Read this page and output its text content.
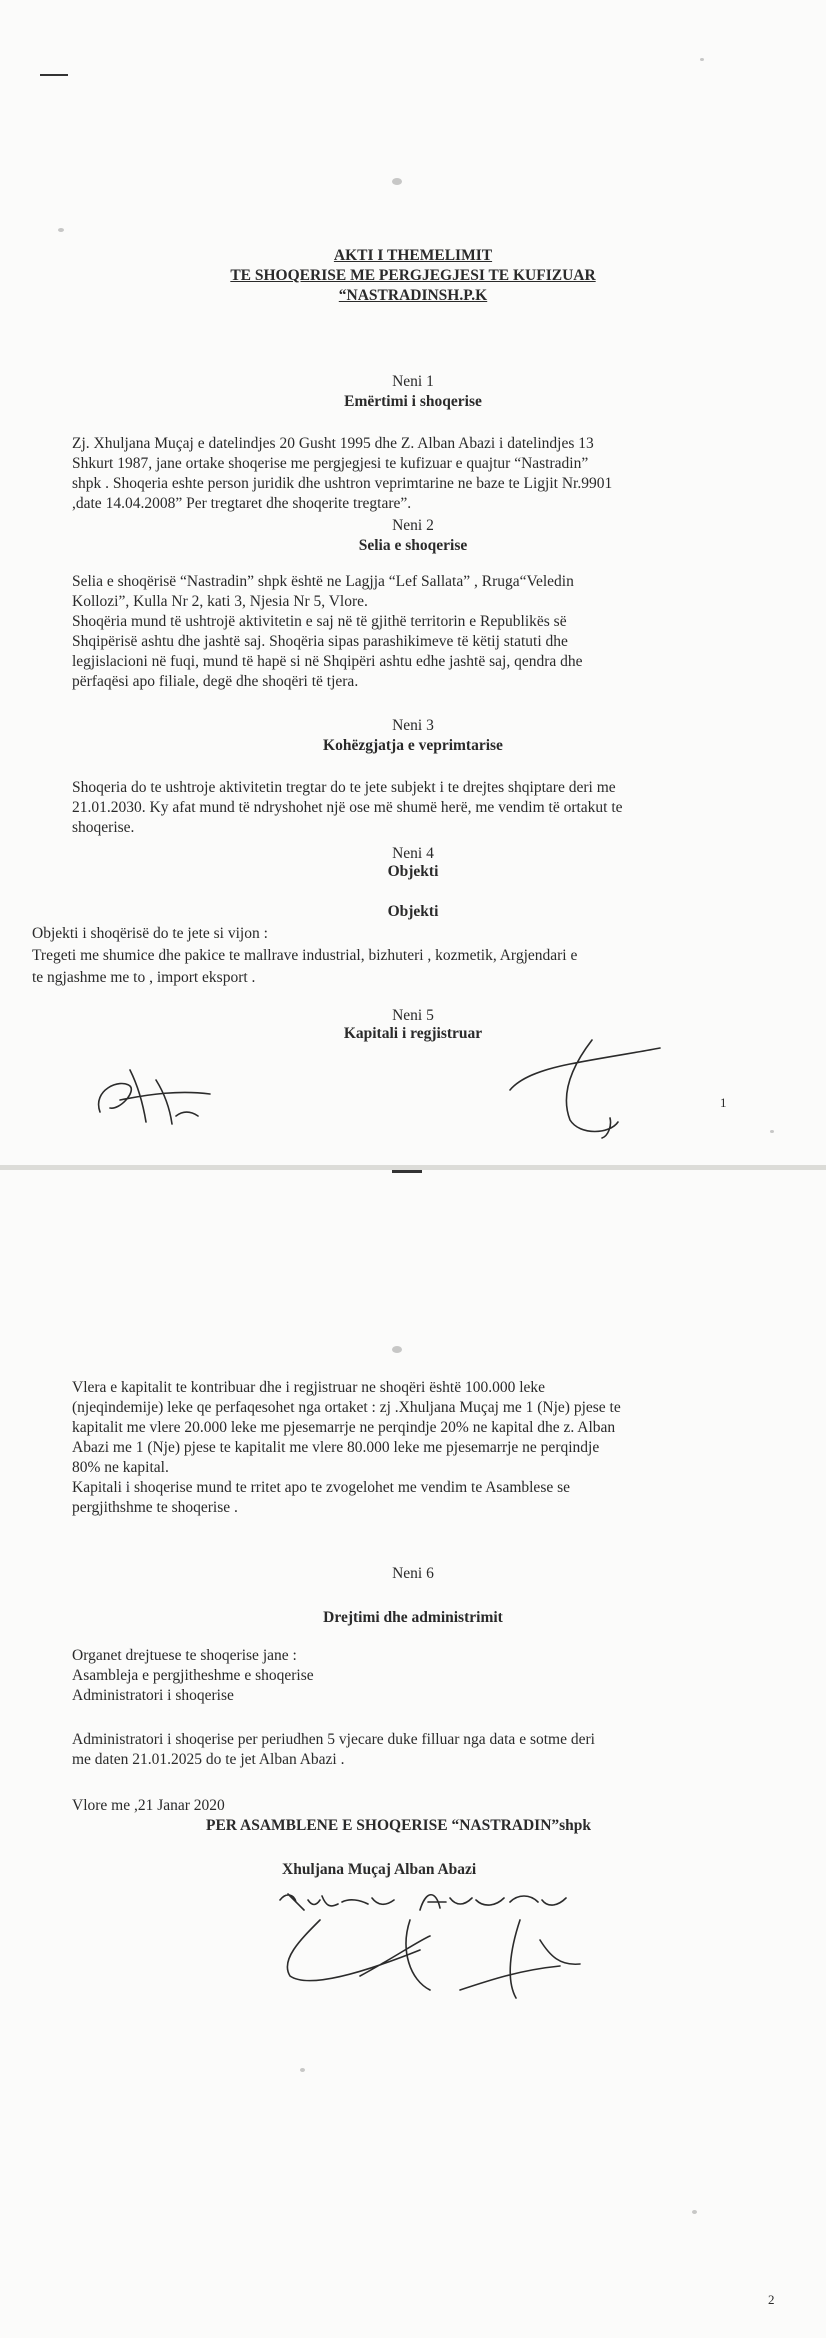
AKTI I THEMELIMIT
TE SHOQERISE ME PERGJEGJESI TE KUFIZUAR
“NASTRADINSH.P.K
Neni 1
Emërtimi i shoqerise
Zj. Xhuljana Muçaj e datelindjes 20 Gusht 1995 dhe Z. Alban Abazi i datelindjes 13
Shkurt 1987, jane ortake shoqerise me pergjegjesi te kufizuar e quajtur “Nastradin”
shpk . Shoqeria eshte person juridik dhe ushtron veprimtarine ne baze te Ligjit Nr.9901
,date 14.04.2008” Per tregtaret dhe shoqerite tregtare”.
Neni 2
Selia e shoqerise
Selia e shoqërisë “Nastradin” shpk është ne Lagjja “Lef Sallata” , Rruga“Veledin
Kollozi”, Kulla Nr 2, kati 3, Njesia Nr 5, Vlore.
Shoqëria mund të ushtrojë aktivitetin e saj në të gjithë territorin e Republikës së
Shqipërisë ashtu dhe jashtë saj. Shoqëria sipas parashikimeve të këtij statuti dhe
legjislacioni në fuqi, mund të hapë si në Shqipëri ashtu edhe jashtë saj, qendra dhe
përfaqësi apo filiale, degë dhe shoqëri të tjera.
Neni 3
Kohëzgjatja e veprimtarise
Shoqeria do te ushtroje aktivitetin tregtar do te jete subjekt i te drejtes shqiptare deri me
21.01.2030. Ky afat mund të ndryshohet një ose më shumë herë, me vendim të ortakut te
shoqerise.
Neni 4
Objekti
Objekti
Objekti i shoqërisë do te jete si vijon :
Tregeti me shumice dhe pakice te mallrave industrial, bizhuteri , kozmetik, Argjendari e
te ngjashme me to , import eksport .
Neni 5
Kapitali i regjistruar
1
Vlera e kapitalit te kontribuar dhe i regjistruar ne shoqëri është 100.000 leke
(njeqindemije) leke qe perfaqesohet nga ortaket : zj .Xhuljana Muçaj me 1 (Nje) pjese te
kapitalit me vlere 20.000 leke me pjesemarrje ne perqindje 20% ne kapital dhe z. Alban
Abazi me 1 (Nje) pjese te kapitalit me vlere 80.000 leke me pjesemarrje ne perqindje
80% ne kapital.
Kapitali i shoqerise mund te rritet apo te zvogelohet me vendim te Asamblese se
pergjithshme te shoqerise .
Neni 6
Drejtimi dhe administrimit
Organet drejtuese te shoqerise jane :
Asambleja e pergjitheshme e shoqerise
Administratori i shoqerise
Administratori i shoqerise per periudhen 5 vjecare duke filluar nga data e sotme deri
me daten 21.01.2025 do te jet Alban Abazi .
Vlore me ,21 Janar 2020
PER ASAMBLENE E SHOQERISE “NASTRADIN”shpk
Xhuljana Muçaj Alban Abazi
2
